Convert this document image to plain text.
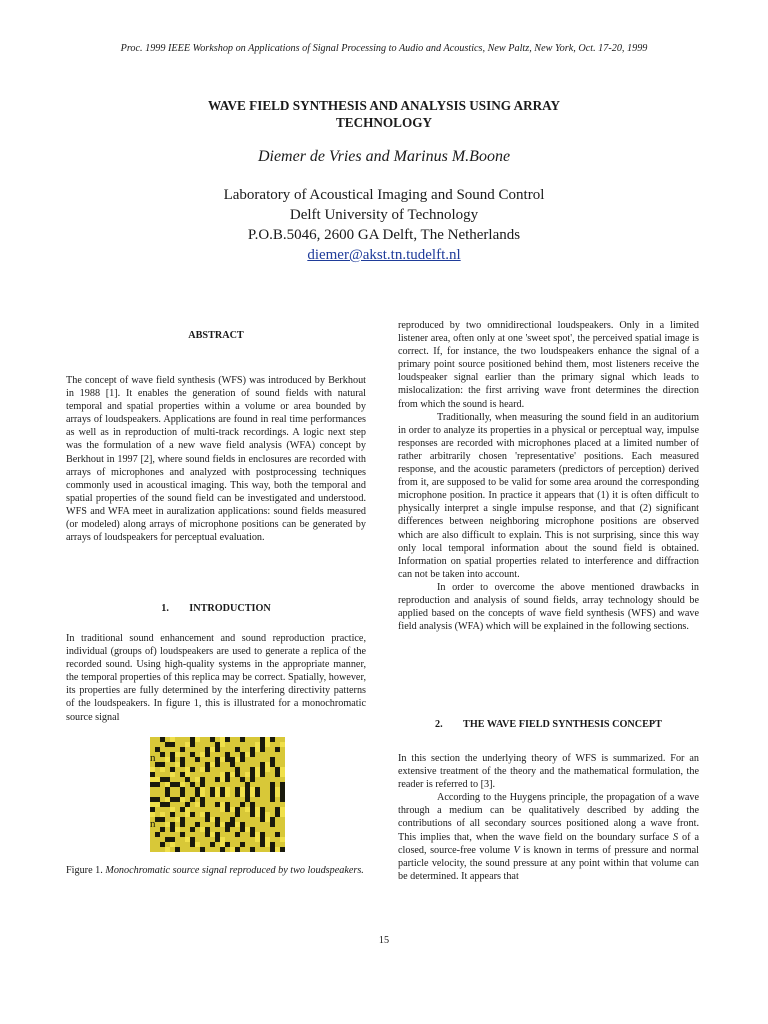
Proc. 1999 IEEE Workshop on Applications of Signal Processing to Audio and Acoustics, New Paltz, New York, Oct. 17-20, 1999
WAVE FIELD SYNTHESIS AND ANALYSIS USING ARRAY
TECHNOLOGY
Diemer de Vries and Marinus M.Boone
Laboratory of Acoustical Imaging and Sound Control
Delft University of Technology
P.O.B.5046, 2600 GA Delft, The Netherlands
diemer@akst.tn.tudelft.nl
ABSTRACT
The concept of wave field synthesis (WFS) was introduced by Berkhout in 1988 [1]. It enables the generation of sound fields with natural temporal and spatial properties within a volume or area bounded by arrays of loudspeakers. Applications are found in real time performances as well as in reproduction of multi-track recordings. A logic next step was the formulation of a new wave field analysis (WFA) concept by Berkhout in 1997 [2], where sound fields in enclosures are recorded with arrays of microphones and analyzed with postprocessing techniques commonly used in acoustical imaging. This way, both the temporal and spatial properties of the sound field can be investigated and understood. WFS and WFA meet in auralization applications: sound fields measured (or modeled) along arrays of microphone positions can be generated by arrays of loudspeakers for perceptual evaluation.
1.  INTRODUCTION
In traditional sound enhancement and sound reproduction practice, individual (groups of) loudspeakers are used to generate a replica of the recorded sound. Using high-quality systems in the appropriate manner, the temporal properties of this replica may be correct. Spatially, however, its properties are fully determined by the interfering directivity patterns of the loudspeakers. In figure 1, this is illustrated for a monochromatic source signal
n
n
Figure 1. Monochromatic source signal reproduced by two loudspeakers.

reproduced by two omnidirectional loudspeakers. Only in a limited listener area, often only at one 'sweet spot', the perceived spatial image is correct. If, for instance, the two loudspeakers enhance the signal of a primary point source positioned behind them, most listeners receive the loudspeaker signal earlier than the primary signal which leads to mislocalization: the first arriving wave front determines the direction from which the sound is heard.

Traditionally, when measuring the sound field in an auditorium in order to analyze its properties in a physical or perceptual way, impulse responses are recorded with microphones placed at a limited number of rather arbitrarily chosen 'representative' positions. Each measured response, and the acoustic parameters (predictors of perception) derived from it, are supposed to be valid for some area around the corresponding microphone position. In practice it appears that (1) it is often difficult to physically interpret a single impulse response, and that (2) significant differences between neighboring microphone positions are observed which are also difficult to explain. This is not surprising, since this way only local temporal information about the sound field is obtained. Information on spatial properties related to interference and diffraction can not be taken into account.

In order to overcome the above mentioned drawbacks in reproduction and analysis of sound fields, array technology should be applied based on the concepts of wave field synthesis (WFS) and wave field analysis (WFA) which will be explained in the following sections.

2.  THE WAVE FIELD SYNTHESIS CONCEPT

In this section the underlying theory of WFS is summarized. For an extensive treatment of the theory and the mathematical formulation, the reader is referred to [3].

According to the Huygens principle, the propagation of a wave through a medium can be qualitatively described by adding the contributions of all secondary sources positioned along a wave front. This implies that, when the wave field on the boundary surface S of a closed, source-free volume V is known in terms of pressure and normal particle velocity, the sound pressure at any point within that volume can be determined. It appears that

15
